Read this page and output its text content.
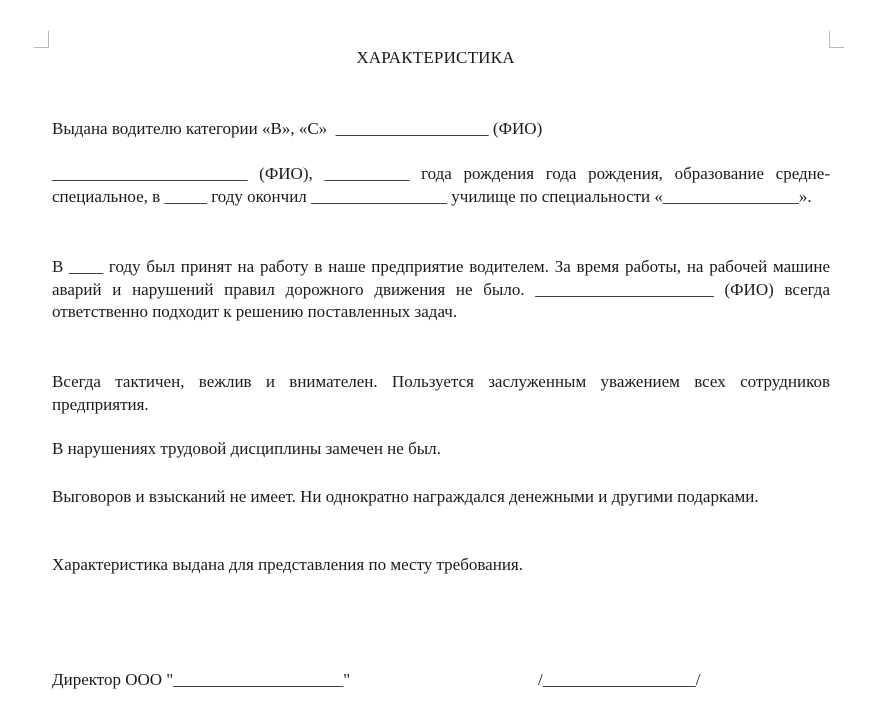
ХАРАКТЕРИСТИКА

Выдана водителю категории «В», «С»  __________________ (ФИО)

_______________________ (ФИО), __________ года рождения года рождения, образование средне-специальное, в _____ году окончил ________________ училище по специальности «________________».

В ____ году был принят на работу в наше предприятие водителем. За время работы, на рабочей машине аварий и нарушений правил дорожного движения не было. _____________________ (ФИО) всегда ответственно подходит к решению поставленных задач.

Всегда тактичен, вежлив и внимателен. Пользуется заслуженным уважением всех сотрудников предприятия.

В нарушениях трудовой дисциплины замечен не был.

Выговоров и взысканий не имеет. Ни однократно награждался денежными и другими подарками.

Характеристика выдана для представления по месту требования.

Директор ООО "____________________"	/__________________/
